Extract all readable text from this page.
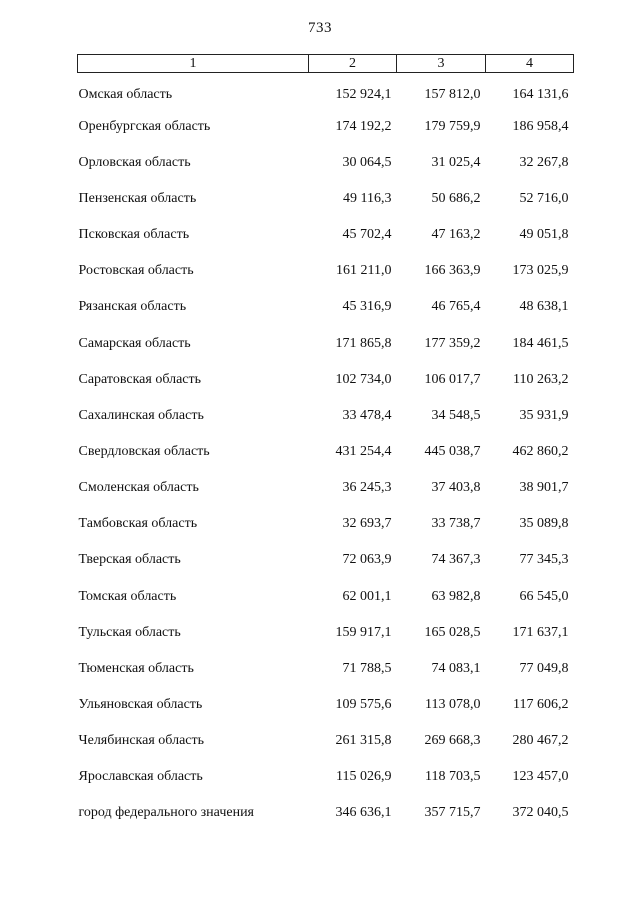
733
1	2	3	4
Омская область	152 924,1	157 812,0	164 131,6
Оренбургская область	174 192,2	179 759,9	186 958,4
Орловская область	30 064,5	31 025,4	32 267,8
Пензенская область	49 116,3	50 686,2	52 716,0
Псковская область	45 702,4	47 163,2	49 051,8
Ростовская область	161 211,0	166 363,9	173 025,9
Рязанская область	45 316,9	46 765,4	48 638,1
Самарская область	171 865,8	177 359,2	184 461,5
Саратовская область	102 734,0	106 017,7	110 263,2
Сахалинская область	33 478,4	34 548,5	35 931,9
Свердловская область	431 254,4	445 038,7	462 860,2
Смоленская область	36 245,3	37 403,8	38 901,7
Тамбовская область	32 693,7	33 738,7	35 089,8
Тверская область	72 063,9	74 367,3	77 345,3
Томская область	62 001,1	63 982,8	66 545,0
Тульская область	159 917,1	165 028,5	171 637,1
Тюменская область	71 788,5	74 083,1	77 049,8
Ульяновская область	109 575,6	113 078,0	117 606,2
Челябинская область	261 315,8	269 668,3	280 467,2
Ярославская область	115 026,9	118 703,5	123 457,0
город федерального значения	346 636,1	357 715,7	372 040,5
